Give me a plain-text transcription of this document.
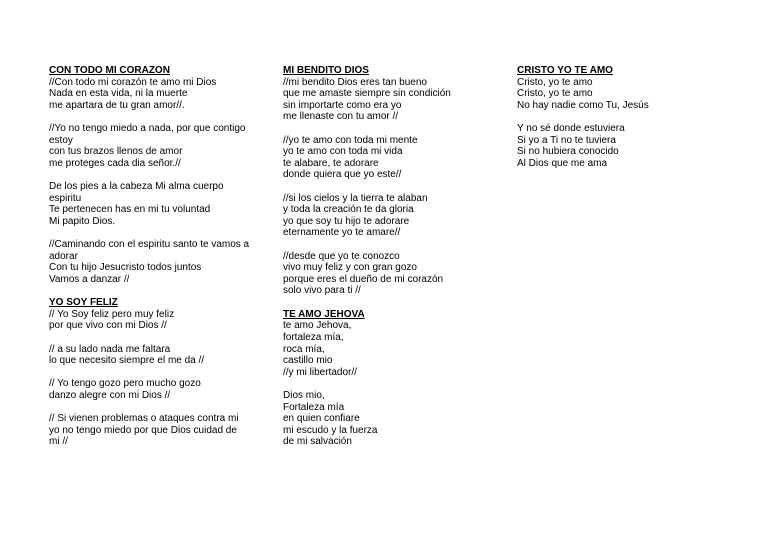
CON TODO MI CORAZON
//Con todo mi corazón te amo mi Dios
Nada en esta vida, ni la muerte
me apartara de tu gran amor//.
//Yo no tengo miedo a nada, por que contigo
estoy
con tus brazos llenos de amor
me proteges cada dia señor.//
De los pies a la cabeza Mi alma cuerpo
espiritu
Te pertenecen has en mi tu voluntad
Mi papito Dios.
//Caminando con el espiritu santo te vamos a
adorar
Con tu hijo Jesucristo todos juntos
Vamos a danzar //
YO SOY FELIZ
// Yo Soy feliz pero muy feliz
por que vivo con mi Dios //
// a su lado nada me faltara
lo que necesito siempre el me da //
// Yo tengo gozo pero mucho gozo
danzo alegre con mi Dios //
// Si vienen problemas o ataques contra mi
yo no tengo miedo por que Dios cuidad de
mi //
MI BENDITO DIOS
//mi bendito Dios eres tan bueno
que me amaste siempre sin condición
sin importarte como era yo
me llenaste con tu amor //
//yo te amo con toda mi mente
yo te amo con toda mi vida
te alabare, te adorare
donde quiera que yo este//
//si los cielos y la tierra te alaban
y toda la creación te da gloria
yo que soy tu hijo te adorare
eternamente yo te amare//
//desde que yo te conozco
vivo muy feliz y con gran gozo
porque eres el dueño de mi corazón
solo vivo para ti //
TE AMO JEHOVA
te amo Jehova,
fortaleza mía,
roca mía,
castillo mio
//y mi libertador//
Dios mio,
Fortaleza mía
en quien confiare
mi escudo y la fuerza
de mi salvación
CRISTO YO TE AMO
Cristo, yo te amo
Cristo, yo te amo
No hay nadie como Tu, Jesús
Y no sé donde estuviera
Si yo a Ti no te tuviera
Si no hubiera conocido
Al Dios que me ama
